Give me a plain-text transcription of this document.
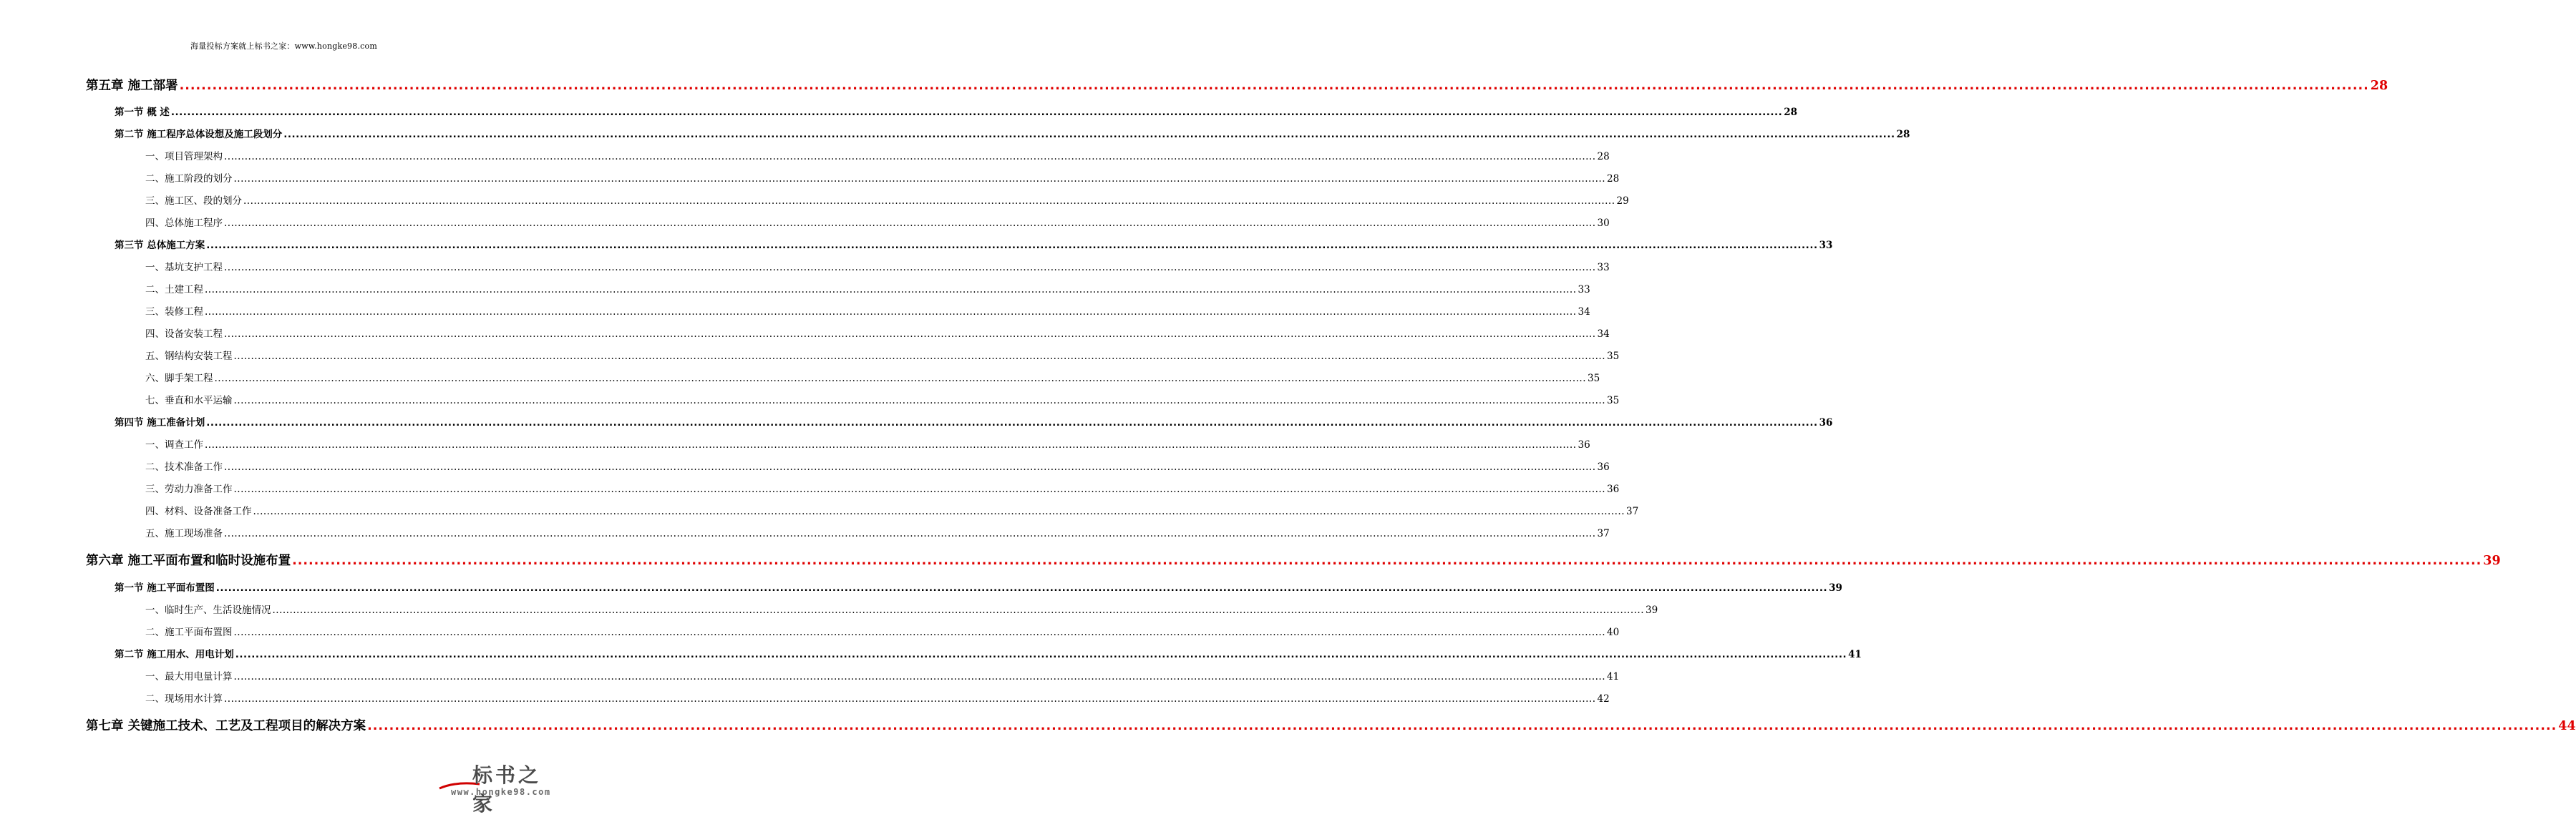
海量投标方案就上标书之家：www.hongke98.com
第五章 施工部署 ................................................................................................................................................................................................................................................................................................................................................................................................................ 28
第一节 概 述 ................................................................................................................................................................................................................................................................................................................................................................................................................ 28
第二节 施工程序总体设想及施工段划分 ................................................................................................................................................................................................................................................................................................................................................................................................................ 28
一、项目管理架构 ................................................................................................................................................................................................................................................................................................................................................................................................................ 28
二、施工阶段的划分 ................................................................................................................................................................................................................................................................................................................................................................................................................ 28
三、施工区、段的划分 ................................................................................................................................................................................................................................................................................................................................................................................................................ 29
四、总体施工程序 ................................................................................................................................................................................................................................................................................................................................................................................................................ 30
第三节 总体施工方案 ................................................................................................................................................................................................................................................................................................................................................................................................................ 33
一、基坑支护工程 ................................................................................................................................................................................................................................................................................................................................................................................................................ 33
二、土建工程 ................................................................................................................................................................................................................................................................................................................................................................................................................ 33
三、装修工程 ................................................................................................................................................................................................................................................................................................................................................................................................................ 34
四、设备安装工程 ................................................................................................................................................................................................................................................................................................................................................................................................................ 34
五、钢结构安装工程 ................................................................................................................................................................................................................................................................................................................................................................................................................ 35
六、脚手架工程 ................................................................................................................................................................................................................................................................................................................................................................................................................ 35
七、垂直和水平运输 ................................................................................................................................................................................................................................................................................................................................................................................................................ 35
第四节 施工准备计划 ................................................................................................................................................................................................................................................................................................................................................................................................................ 36
一、调查工作 ................................................................................................................................................................................................................................................................................................................................................................................................................ 36
二、技术准备工作 ................................................................................................................................................................................................................................................................................................................................................................................................................ 36
三、劳动力准备工作 ................................................................................................................................................................................................................................................................................................................................................................................................................ 36
四、材料、设备准备工作 ................................................................................................................................................................................................................................................................................................................................................................................................................ 37
五、施工现场准备 ................................................................................................................................................................................................................................................................................................................................................................................................................ 37
第六章 施工平面布置和临时设施布置 ................................................................................................................................................................................................................................................................................................................................................................................................................ 39
第一节 施工平面布置图 ................................................................................................................................................................................................................................................................................................................................................................................................................ 39
一、临时生产、生活设施情况 ................................................................................................................................................................................................................................................................................................................................................................................................................ 39
二、施工平面布置图 ................................................................................................................................................................................................................................................................................................................................................................................................................ 40
第二节 施工用水、用电计划 ................................................................................................................................................................................................................................................................................................................................................................................................................ 41
一、最大用电量计算 ................................................................................................................................................................................................................................................................................................................................................................................................................ 41
二、现场用水计算 ................................................................................................................................................................................................................................................................................................................................................................................................................ 42
第七章 关键施工技术、工艺及工程项目的解决方案 ................................................................................................................................................................................................................................................................................................................................................................................................................ 44
标书之家
www.hongke98.com
